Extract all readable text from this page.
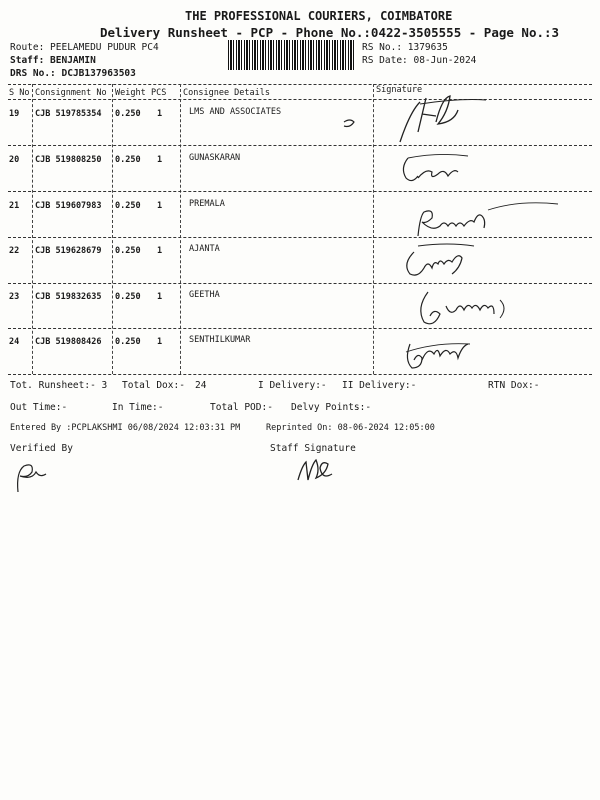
THE PROFESSIONAL COURIERS, COIMBATORE
Delivery Runsheet - PCP - Phone No.:0422-3505555 - Page No.:3
Route: PEELAMEDU PUDUR PC4
Staff: BENJAMIN
DRS No.: DCJB137963503
RS No.: 1379635
RS Date: 08-Jun-2024
S No Consignment No Weight PCS Consignee Details	Signature
19 CJB 519785354 0.250 1	LMS AND ASSOCIATES
20 CJB 519808250 0.250 1	GUNASKARAN
21 CJB 519607983 0.250 1	PREMALA
22 CJB 519628679 0.250 1	AJANTA
23 CJB 519832635 0.250 1	GEETHA
24 CJB 519808426 0.250 1	SENTHILKUMAR
Tot. Runsheet:- 3 Total Dox:- 24	I Delivery:- II Delivery:-	RTN Dox:-
Out Time:-	In Time:-	Total POD:- Delvy Points:-
Entered By :PCPLAKSHMI 06/08/2024 12:03:31 PM	Reprinted On: 08-06-2024 12:05:00
Verified By	Staff Signature
